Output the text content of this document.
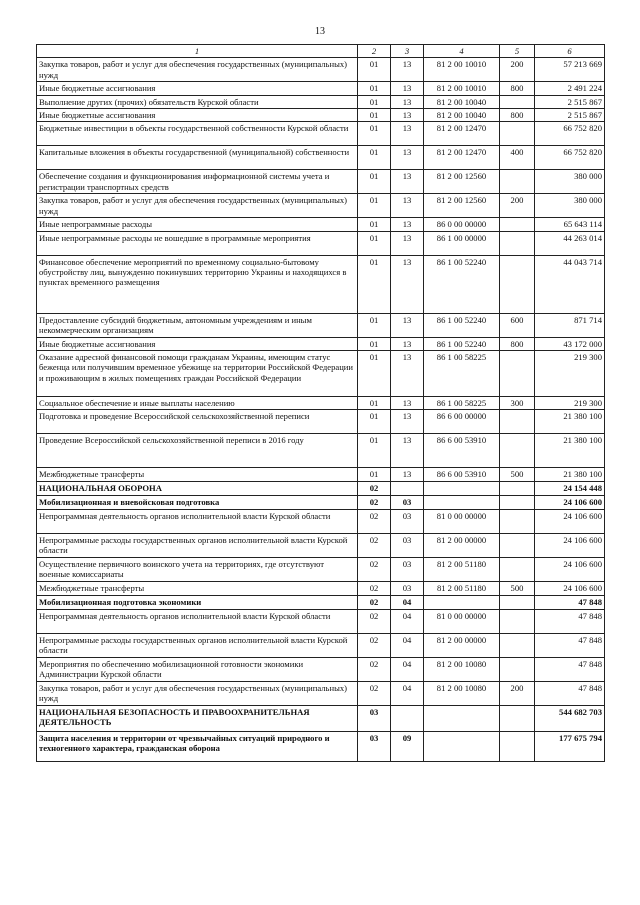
13
1	2	3	4	5	6
Закупка товаров, работ и услуг для обеспечения государственных (муниципальных) нужд	01	13	81 2 00 10010	200	57 213 669
Иные бюджетные ассигнования	01	13	81 2 00 10010	800	2 491 224
Выполнение других (прочих) обязательств Курской области	01	13	81 2 00 10040		2 515 867
Иные бюджетные ассигнования	01	13	81 2 00 10040	800	2 515 867
Бюджетные инвестиции в объекты государственной собственности Курской области	01	13	81 2 00 12470		66 752 820
Капитальные вложения в объекты государственной (муниципальной) собственности	01	13	81 2 00 12470	400	66 752 820
Обеспечение создания и функционирования информационной системы учета и регистрации транспортных средств	01	13	81 2 00 12560		380 000
Закупка товаров, работ и услуг для обеспечения государственных (муниципальных) нужд	01	13	81 2 00 12560	200	380 000
Иные непрограммные расходы	01	13	86 0 00 00000		65 643 114
Иные непрограммные расходы не вошедшие в программные мероприятия	01	13	86 1 00 00000		44 263 014
Финансовое обеспечение мероприятий по временному социально-бытовому обустройству лиц, вынужденно покинувших территорию Украины и находящихся в пунктах временного размещения	01	13	86 1 00 52240		44 043 714
Предоставление субсидий бюджетным, автономным учреждениям и иным некоммерческим организациям	01	13	86 1 00 52240	600	871 714
Иные бюджетные ассигнования	01	13	86 1 00 52240	800	43 172 000
Оказание адресной финансовой помощи гражданам Украины, имеющим статус беженца или получившим временное убежище на территории Российской Федерации и проживающим в жилых помещениях граждан Российской Федерации	01	13	86 1 00 58225		219 300
Социальное обеспечение и иные выплаты населению	01	13	86 1 00 58225	300	219 300
Подготовка и проведение Всероссийской сельскохозяйственной переписи	01	13	86 6 00 00000		21 380 100
Проведение Всероссийской сельскохозяйственной переписи в 2016 году	01	13	86 6 00 53910		21 380 100
Межбюджетные трансферты	01	13	86 6 00 53910	500	21 380 100
НАЦИОНАЛЬНАЯ ОБОРОНА	02				24 154 448
Мобилизационная и вневойсковая подготовка	02	03			24 106 600
Непрограммная деятельность органов исполнительной власти Курской области	02	03	81 0 00 00000		24 106 600
Непрограммные расходы государственных органов исполнительной власти Курской области	02	03	81 2 00 00000		24 106 600
Осуществление первичного воинского учета на территориях, где отсутствуют военные комиссариаты	02	03	81 2 00 51180		24 106 600
Межбюджетные трансферты	02	03	81 2 00 51180	500	24 106 600
Мобилизационная подготовка экономики	02	04			47 848
Непрограммная деятельность органов исполнительной власти Курской области	02	04	81 0 00 00000		47 848
Непрограммные расходы государственных органов исполнительной власти Курской области	02	04	81 2 00 00000		47 848
Мероприятия по обеспечению мобилизационной готовности экономики Администрации Курской области	02	04	81 2 00 10080		47 848
Закупка товаров, работ и услуг для обеспечения государственных (муниципальных) нужд	02	04	81 2 00 10080	200	47 848
НАЦИОНАЛЬНАЯ БЕЗОПАСНОСТЬ И ПРАВООХРАНИТЕЛЬНАЯ ДЕЯТЕЛЬНОСТЬ	03				544 682 703
Защита населения и территории от чрезвычайных ситуаций природного и техногенного характера, гражданская оборона	03	09			177 675 794
